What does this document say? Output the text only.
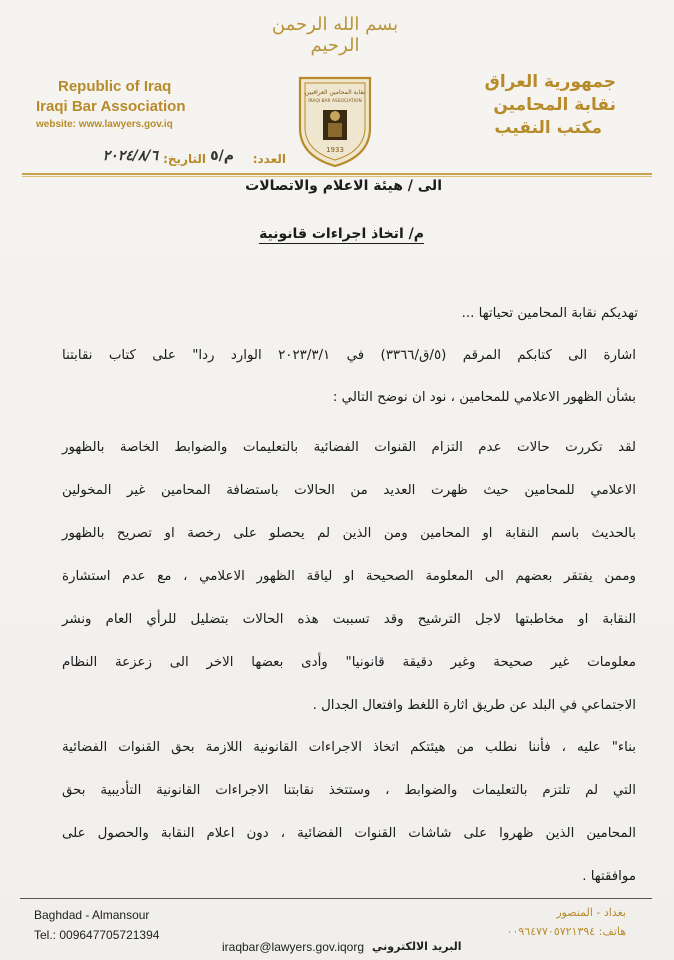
بسم الله الرحمن الرحيم
Republic of Iraq
Iraqi Bar Association
website: www.lawyers.gov.iq
نقابة المحامين العراقيين
IRAQI BAR ASSOCIATION
1933
جمهورية العراق
نقابة المحامين
مكتب النقيب
العدد:
م/٥
التاريخ:
٢٠٢٤/٨/٦
الى / هيئة الاعلام والاتصالات
م/ اتخاذ اجراءات قانونية
تهديكم نقابة المحامين تحياتها ...
اشارة الى كتابكم المرقم (٥/ق/٣٣٦٦) في ٢٠٢٣/٣/١ الوارد ردا" على كتاب نقابتنا
بشأن الظهور الاعلامي للمحامين ، نود ان نوضح التالي :
لقد تكررت حالات عدم التزام القنوات الفضائية بالتعليمات والضوابط الخاصة بالظهور
الاعلامي للمحامين حيث ظهرت العديد من الحالات باستضافة المحامين غير المخولين
بالحديث باسم النقابة او المحامين ومن الذين لم يحصلو على رخصة او تصريح بالظهور
وممن يفتقر بعضهم الى المعلومة الصحيحة او لياقة الظهور الاعلامي ، مع عدم استشارة
النقابة او مخاطبتها لاجل الترشيح وقد تسببت هذه الحالات بتضليل للرأي العام ونشر
معلومات غير صحيحة وغير دقيقة قانونيا" وأدى بعضها الاخر الى زعزعة النظام
الاجتماعي في البلد عن طريق اثارة اللغط وافتعال الجدال .
بناء" عليه ، فأننا نطلب من هيئتكم اتخاذ الاجراءات القانونية اللازمة بحق القنوات الفضائية
التي لم تلتزم بالتعليمات والضوابط ، وستتخذ نقابتنا الاجراءات القانونية التأديبية بحق
المحامين الذين ظهروا على شاشات القنوات الفضائية ، دون اعلام النقابة والحصول على
موافقتها .
Baghdad - Almansour
Tel.: 009647705721394
بغداد - المنصور
هاتف: ٠٠٩٦٤٧٧٠٥٧٢١٣٩٤
iraqbar@lawyers.gov.iqorg البريد الالكتروني
